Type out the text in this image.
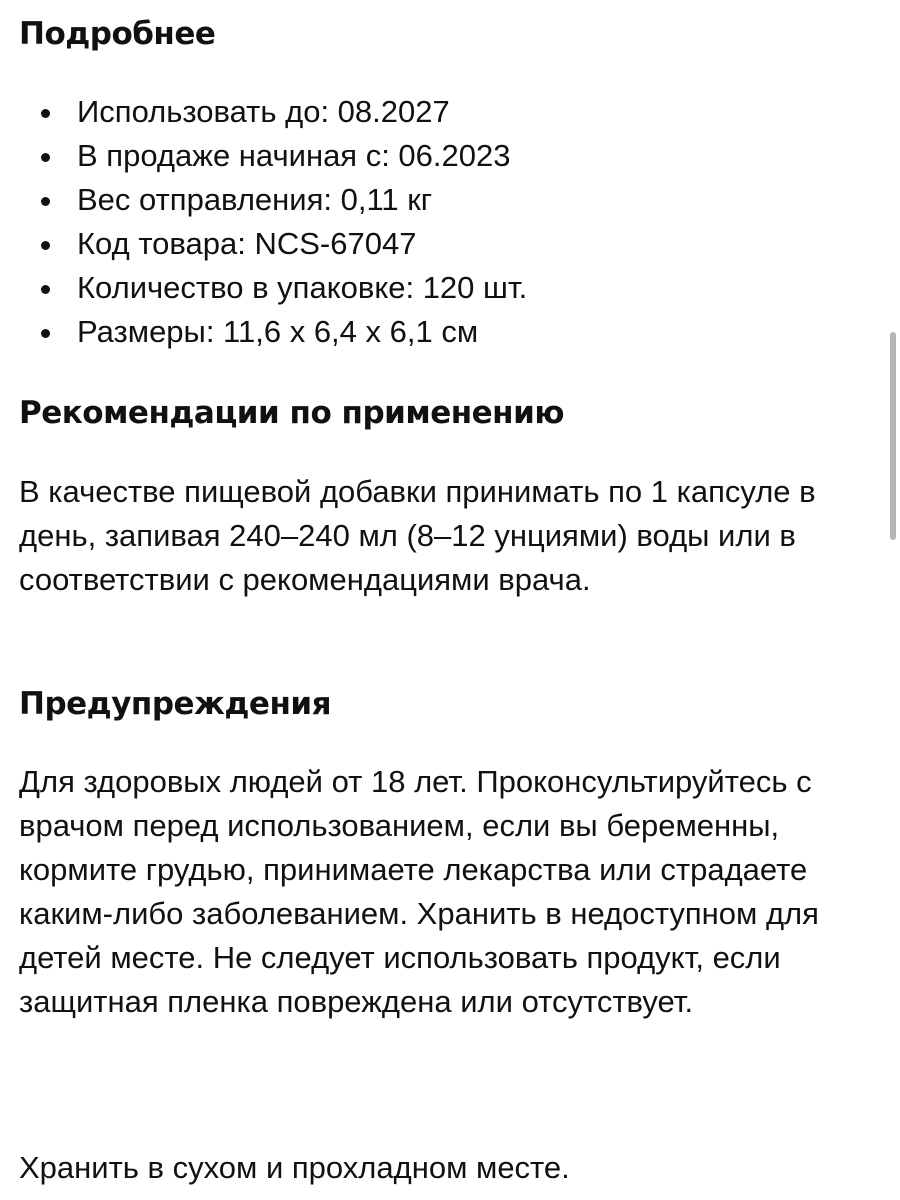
Подробнее
Использовать до: 08.2027
В продаже начиная с: 06.2023
Вес отправления: 0,11 кг
Код товара: NCS-67047
Количество в упаковке: 120 шт.
Размеры: 11,6 x 6,4 x 6,1 см
Рекомендации по применению

В качестве пищевой добавки принимать по 1 капсуле в день, запивая 240–240 мл (8–12 унциями) воды или в соответствии с рекомендациями врача.

Предупреждения

Для здоровых людей от 18 лет. Проконсультируйтесь с врачом перед использованием, если вы беременны, кормите грудью, принимаете лекарства или страдаете каким-либо заболеванием. Хранить в недоступном для детей месте. Не следует использовать продукт, если защитная пленка повреждена или отсутствует.

Хранить в сухом и прохладном месте.
